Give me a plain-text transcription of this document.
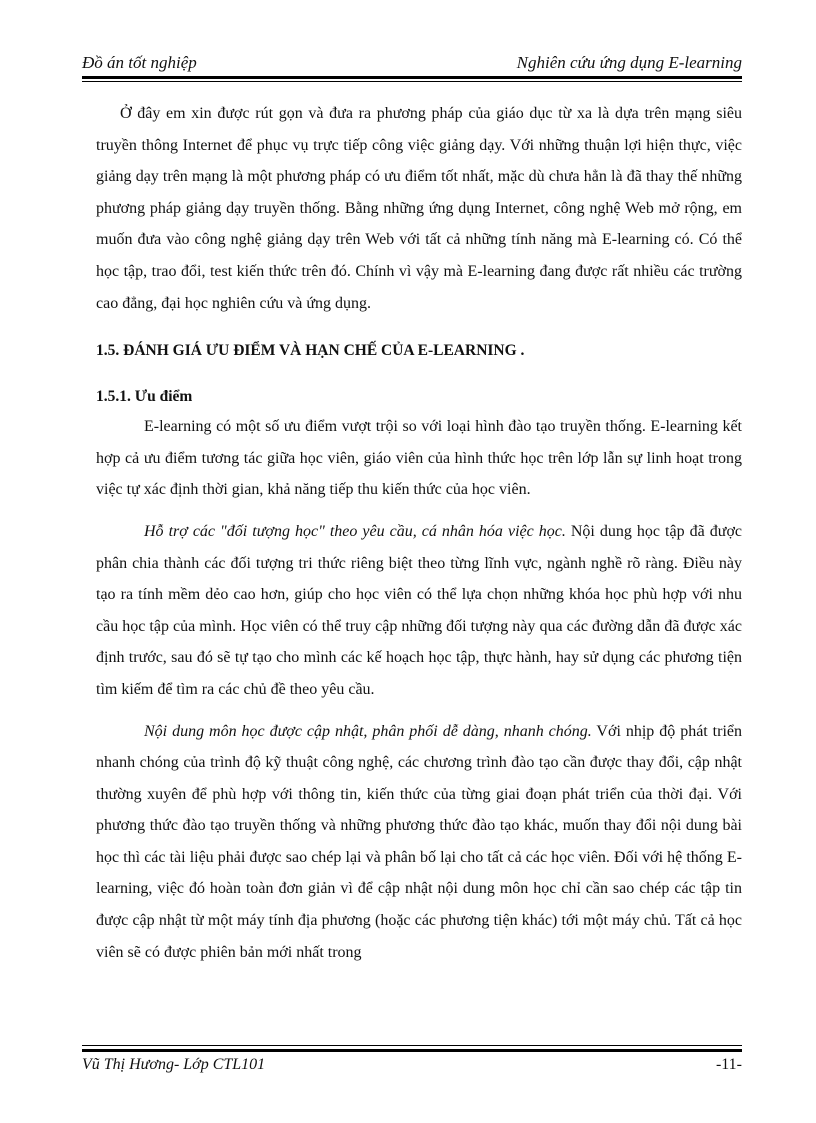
Đồ án tốt nghiệp	Nghiên cứu ứng dụng E-learning

Ở đây em xin được rút gọn và đưa ra phương pháp của giáo dục từ xa là dựa trên mạng siêu truyền thông Internet để phục vụ trực tiếp công việc giảng dạy. Với những thuận lợi hiện thực, việc giảng dạy trên mạng là một phương pháp có ưu điểm tốt nhất, mặc dù chưa hẳn là đã thay thế những phương pháp giảng dạy truyền thống. Bằng những ứng dụng Internet, công nghệ Web mở rộng, em muốn đưa vào công nghệ giảng dạy trên Web với tất cả những tính năng mà E-learning có. Có thể học tập, trao đổi, test kiến thức trên đó. Chính vì vậy mà E-learning đang được rất nhiều các trường cao đẳng, đại học nghiên cứu và ứng dụng.

1.5. ĐÁNH GIÁ ƯU ĐIỂM VÀ HẠN CHẾ CỦA E-LEARNING .
1.5.1. Ưu điểm

E-learning có một số ưu điểm vượt trội so với loại hình đào tạo truyền thống. E-learning kết hợp cả ưu điểm tương tác giữa học viên, giáo viên của hình thức học trên lớp lẫn sự linh hoạt trong việc tự xác định thời gian, khả năng tiếp thu kiến thức của học viên.

Hỗ trợ các "đối tượng học" theo yêu cầu, cá nhân hóa việc học. Nội dung học tập đã được phân chia thành các đối tượng tri thức riêng biệt theo từng lĩnh vực, ngành nghề rõ ràng. Điều này tạo ra tính mềm dẻo cao hơn, giúp cho học viên có thể lựa chọn những khóa học phù hợp với nhu cầu học tập của mình. Học viên có thể truy cập những đối tượng này qua các đường dẫn đã được xác định trước, sau đó sẽ tự tạo cho mình các kế hoạch học tập, thực hành, hay sử dụng các phương tiện tìm kiếm để tìm ra các chủ đề theo yêu cầu.

Nội dung môn học được cập nhật, phân phối dễ dàng, nhanh chóng. Với nhịp độ phát triển nhanh chóng của trình độ kỹ thuật công nghệ, các chương trình đào tạo cần được thay đổi, cập nhật thường xuyên để phù hợp với thông tin, kiến thức của từng giai đoạn phát triển của thời đại. Với phương thức đào tạo truyền thống và những phương thức đào tạo khác, muốn thay đổi nội dung bài học thì các tài liệu phải được sao chép lại và phân bố lại cho tất cả các học viên. Đối với hệ thống E-learning, việc đó hoàn toàn đơn giản vì để cập nhật nội dung môn học chỉ cần sao chép các tập tin được cập nhật từ một máy tính địa phương (hoặc các phương tiện khác) tới một máy chủ. Tất cả học viên sẽ có được phiên bản mới nhất trong

Vũ Thị Hương- Lớp CTL101	-11-
